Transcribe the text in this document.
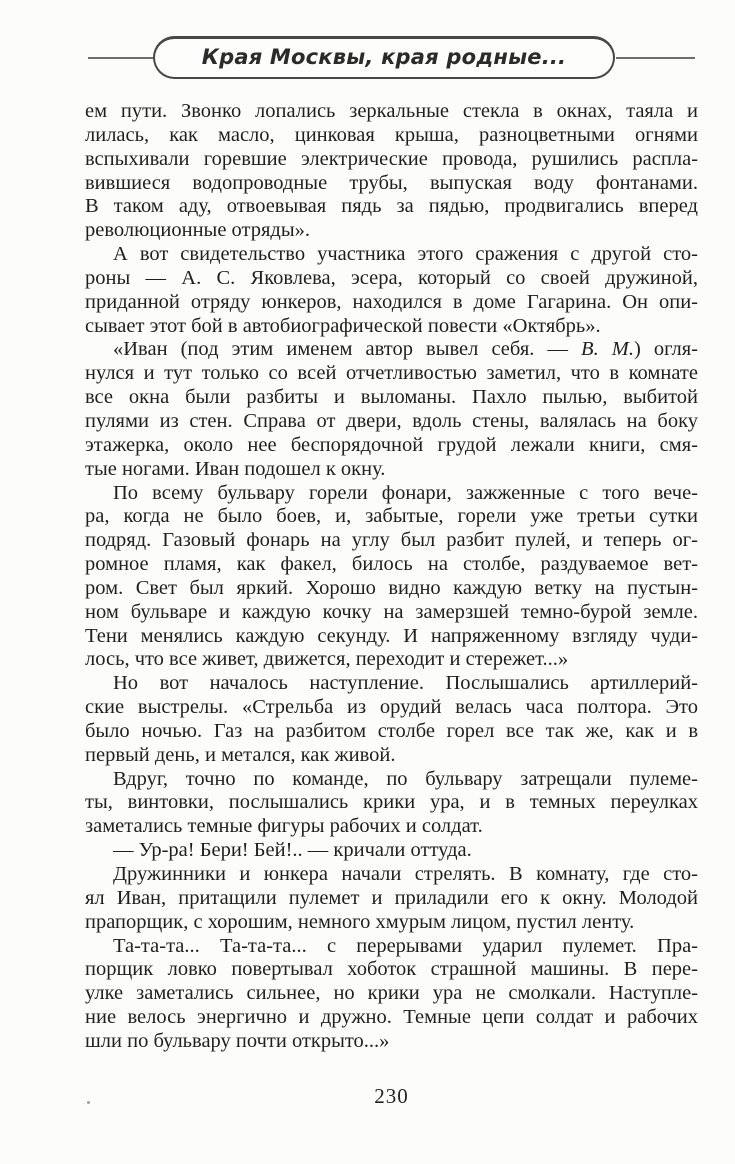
Края Москвы, края родные...
ем пути. Звонко лопались зеркальные стекла в окнах, таяла и
лилась, как масло, цинковая крыша, разноцветными огнями
вспыхивали горевшие электрические провода, рушились распла-
вившиеся водопроводные трубы, выпуская воду фонтанами.
В таком аду, отвоевывая пядь за пядью, продвигались вперед
революционные отряды».
А вот свидетельство участника этого сражения с другой сто-
роны — А. С. Яковлева, эсера, который со своей дружиной,
приданной отряду юнкеров, находился в доме Гагарина. Он опи-
сывает этот бой в автобиографической повести «Октябрь».
«Иван (под этим именем автор вывел себя. — В. М.) огля-
нулся и тут только со всей отчетливостью заметил, что в комнате
все окна были разбиты и выломаны. Пахло пылью, выбитой
пулями из стен. Справа от двери, вдоль стены, валялась на боку
этажерка, около нее беспорядочной грудой лежали книги, смя-
тые ногами. Иван подошел к окну.
По всему бульвару горели фонари, зажженные с того вече-
ра, когда не было боев, и, забытые, горели уже третьи сутки
подряд. Газовый фонарь на углу был разбит пулей, и теперь ог-
ромное пламя, как факел, билось на столбе, раздуваемое вет-
ром. Свет был яркий. Хорошо видно каждую ветку на пустын-
ном бульваре и каждую кочку на замерзшей темно-бурой земле.
Тени менялись каждую секунду. И напряженному взгляду чуди-
лось, что все живет, движется, переходит и стережет...»
Но вот началось наступление. Послышались артиллерий-
ские выстрелы. «Стрельба из орудий велась часа полтора. Это
было ночью. Газ на разбитом столбе горел все так же, как и в
первый день, и метался, как живой.
Вдруг, точно по команде, по бульвару затрещали пулеме-
ты, винтовки, послышались крики ура, и в темных переулках
заметались темные фигуры рабочих и солдат.
— Ур-ра! Бери! Бей!.. — кричали оттуда.
Дружинники и юнкера начали стрелять. В комнату, где сто-
ял Иван, притащили пулемет и приладили его к окну. Молодой
прапорщик, с хорошим, немного хмурым лицом, пустил ленту.
Та-та-та... Та-та-та... с перерывами ударил пулемет. Пра-
порщик ловко повертывал хоботок страшной машины. В пере-
улке заметались сильнее, но крики ура не смолкали. Наступле-
ние велось энергично и дружно. Темные цепи солдат и рабочих
шли по бульвару почти открыто...»
230
